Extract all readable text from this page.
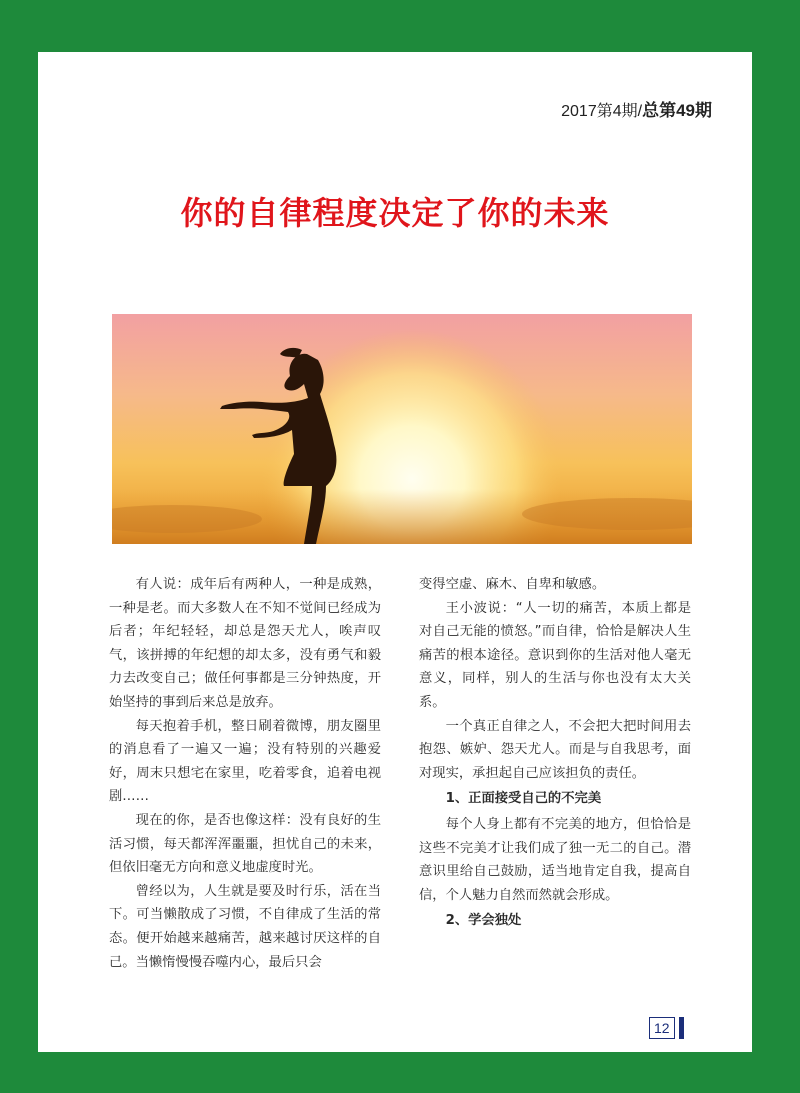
2017第4期/总第49期
你的自律程度决定了你的未来

有人说：成年后有两种人，一种是成熟，一种是老。而大多数人在不知不觉间已经成为后者；年纪轻轻，却总是怨天尤人，唉声叹气，该拼搏的年纪想的却太多，没有勇气和毅力去改变自己；做任何事都是三分钟热度，开始坚持的事到后来总是放弃。

每天抱着手机，整日刷着微博，朋友圈里的消息看了一遍又一遍；没有特别的兴趣爱好，周末只想宅在家里，吃着零食，追着电视剧……

现在的你，是否也像这样：没有良好的生活习惯，每天都浑浑噩噩，担忧自己的未来，但依旧毫无方向和意义地虚度时光。

曾经以为，人生就是要及时行乐，活在当下。可当懒散成了习惯，不自律成了生活的常态。便开始越来越痛苦，越来越讨厌这样的自己。当懒惰慢慢吞噬内心，最后只会

变得空虚、麻木、自卑和敏感。

王小波说：“人一切的痛苦，本质上都是对自己无能的愤怒。”而自律，恰恰是解决人生痛苦的根本途径。意识到你的生活对他人毫无意义，同样，别人的生活与你也没有太大关系。

一个真正自律之人，不会把大把时间用去抱怨、嫉妒、怨天尤人。而是与自我思考，面对现实，承担起自己应该担负的责任。

1、正面接受自己的不完美

每个人身上都有不完美的地方，但恰恰是这些不完美才让我们成了独一无二的自己。潜意识里给自己鼓励，适当地肯定自我，提高自信，个人魅力自然而然就会形成。

2、学会独处

12
